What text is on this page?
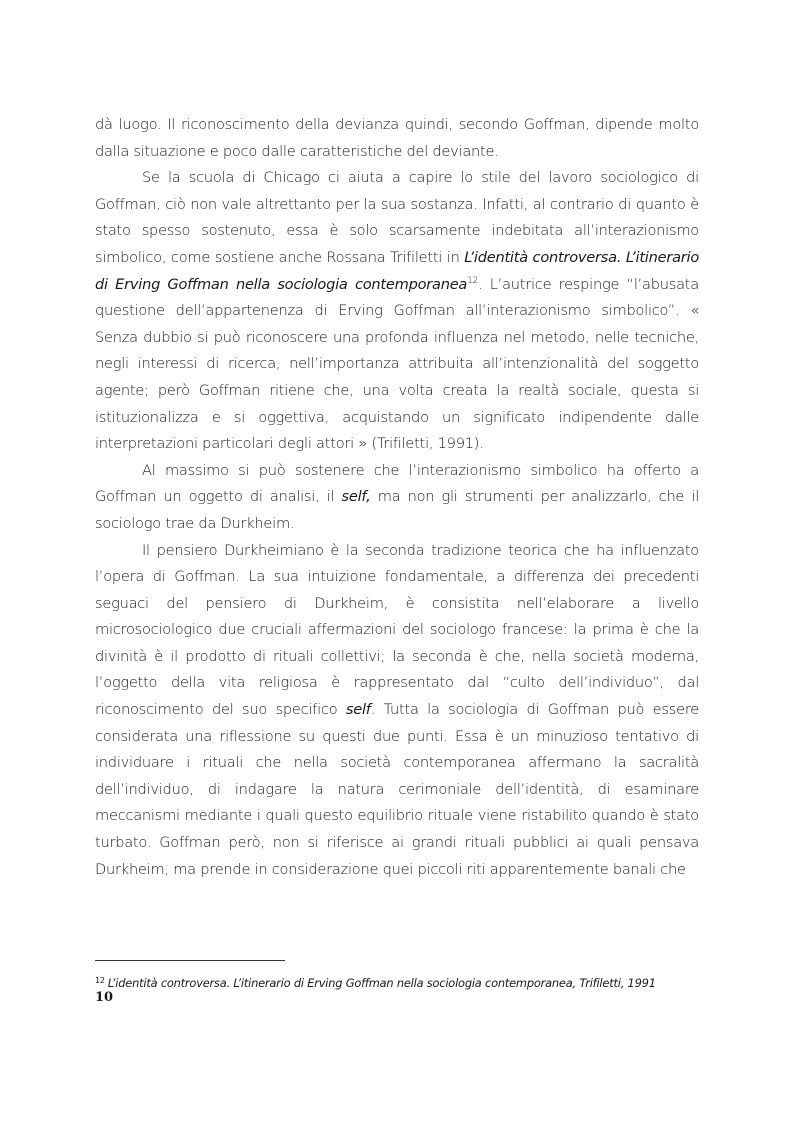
dà luogo. Il riconoscimento della devianza quindi, secondo Goffman, dipende molto dalla situazione e poco dalle caratteristiche del deviante.

Se la scuola di Chicago ci aiuta a capire lo stile del lavoro sociologico di Goffman, ciò non vale altrettanto per la sua sostanza. Infatti, al contrario di quanto è stato spesso sostenuto, essa è solo scarsamente indebitata all’interazionismo simbolico, come sostiene anche Rossana Trifiletti in L’identità controversa. L’itinerario di Erving Goffman nella sociologia contemporanea$^{12}$. L’autrice respinge “l’abusata questione dell’appartenenza di Erving Goffman all’interazionismo simbolico”. « Senza dubbio si può riconoscere una profonda influenza nel metodo, nelle tecniche, negli interessi di ricerca, nell’importanza attribuita all’intenzionalità del soggetto agente; però Goffman ritiene che, una volta creata la realtà sociale, questa si istituzionalizza e si oggettiva, acquistando un significato indipendente dalle interpretazioni particolari degli attori » (Trifiletti, 1991).

Al massimo si può sostenere che l’interazionismo simbolico ha offerto a Goffman un oggetto di analisi, il self, ma non gli strumenti per analizzarlo, che il sociologo trae da Durkheim.

Il pensiero Durkheimiano è la seconda tradizione teorica che ha influenzato l’opera di Goffman. La sua intuizione fondamentale, a differenza dei precedenti seguaci del pensiero di Durkheim, è consistita nell’elaborare a livello microsociologico due cruciali affermazioni del sociologo francese: la prima è che la divinità è il prodotto di rituali collettivi; la seconda è che, nella società moderna, l’oggetto della vita religiosa è rappresentato dal “culto dell’individuo”, dal riconoscimento del suo specifico self. Tutta la sociologia di Goffman può essere considerata una riflessione su questi due punti. Essa è un minuzioso tentativo di individuare i rituali che nella società contemporanea affermano la sacralità dell’individuo, di indagare la natura cerimoniale dell’identità, di esaminare meccanismi mediante i quali questo equilibrio rituale viene ristabilito quando è stato turbato. Goffman però, non si riferisce ai grandi rituali pubblici ai quali pensava Durkheim, ma prende in considerazione quei piccoli riti apparentemente banali che

$^{12}$ L’identità controversa. L’itinerario di Erving Goffman nella sociologia contemporanea, Trifiletti, 1991
10
